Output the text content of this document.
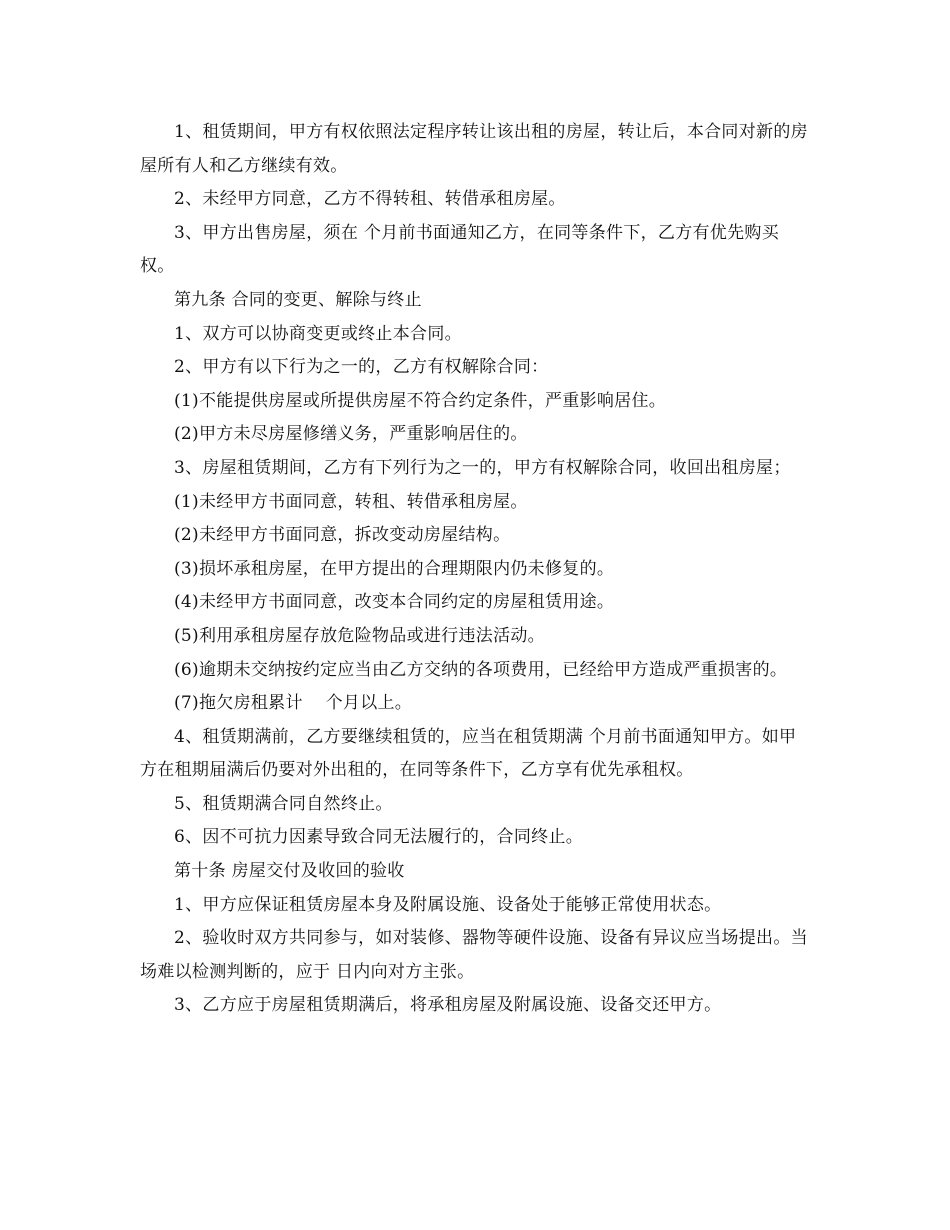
1、租赁期间，甲方有权依照法定程序转让该出租的房屋，转让后，本合同对新的房屋所有人和乙方继续有效。

2、未经甲方同意，乙方不得转租、转借承租房屋。

3、甲方出售房屋，须在 个月前书面通知乙方，在同等条件下，乙方有优先购买权。

第九条 合同的变更、解除与终止

1、双方可以协商变更或终止本合同。

2、甲方有以下行为之一的，乙方有权解除合同：

(1)不能提供房屋或所提供房屋不符合约定条件，严重影响居住。

(2)甲方未尽房屋修缮义务，严重影响居住的。

3、房屋租赁期间，乙方有下列行为之一的，甲方有权解除合同，收回出租房屋；

(1)未经甲方书面同意，转租、转借承租房屋。

(2)未经甲方书面同意，拆改变动房屋结构。

(3)损坏承租房屋，在甲方提出的合理期限内仍未修复的。

(4)未经甲方书面同意，改变本合同约定的房屋租赁用途。

(5)利用承租房屋存放危险物品或进行违法活动。

(6)逾期未交纳按约定应当由乙方交纳的各项费用，已经给甲方造成严重损害的。

(7)拖欠房租累计    个月以上。

4、租赁期满前，乙方要继续租赁的，应当在租赁期满 个月前书面通知甲方。如甲方在租期届满后仍要对外出租的，在同等条件下，乙方享有优先承租权。

5、租赁期满合同自然终止。

6、因不可抗力因素导致合同无法履行的，合同终止。

第十条 房屋交付及收回的验收

1、甲方应保证租赁房屋本身及附属设施、设备处于能够正常使用状态。

2、验收时双方共同参与，如对装修、器物等硬件设施、设备有异议应当场提出。当场难以检测判断的，应于 日内向对方主张。

3、乙方应于房屋租赁期满后，将承租房屋及附属设施、设备交还甲方。
